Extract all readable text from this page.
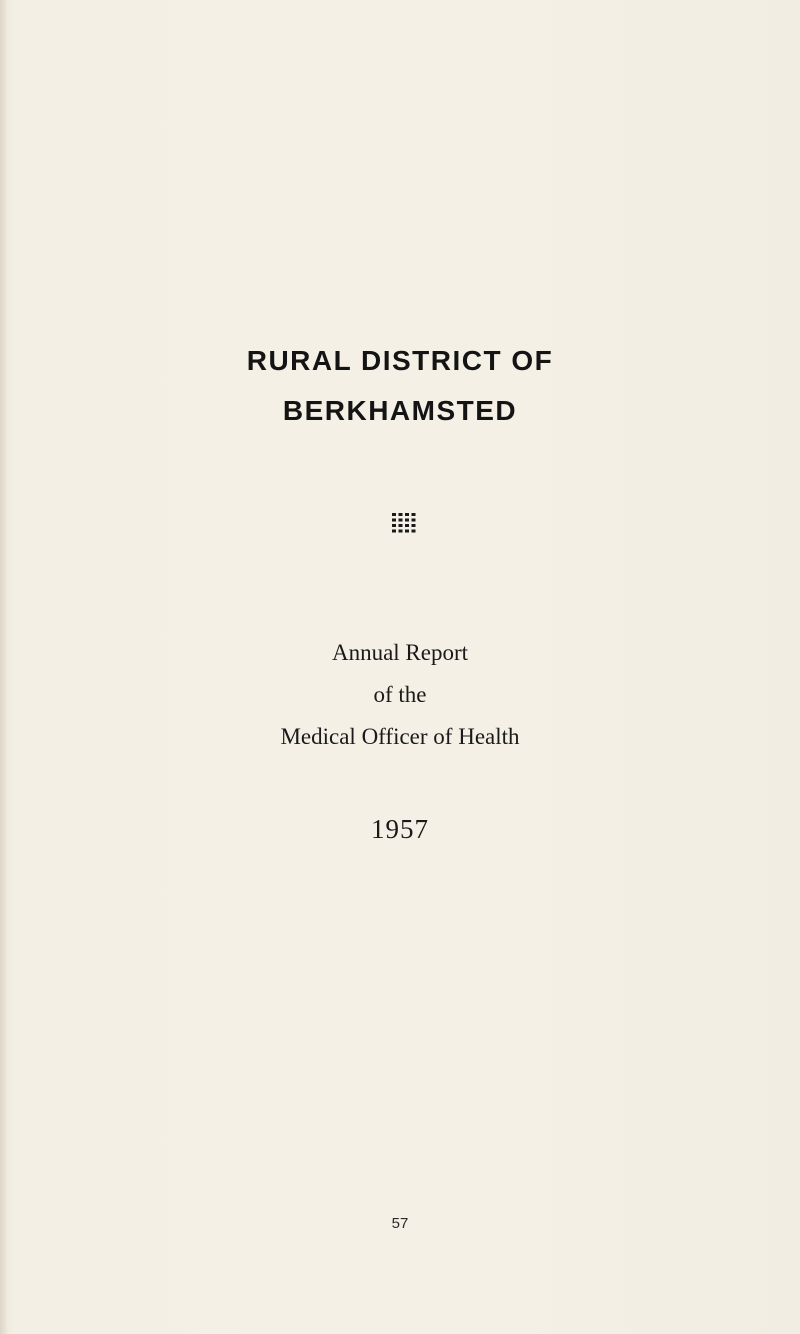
RURAL DISTRICT OF
BERKHAMSTED
Annual Report
of the
Medical Officer of Health
1957
57
